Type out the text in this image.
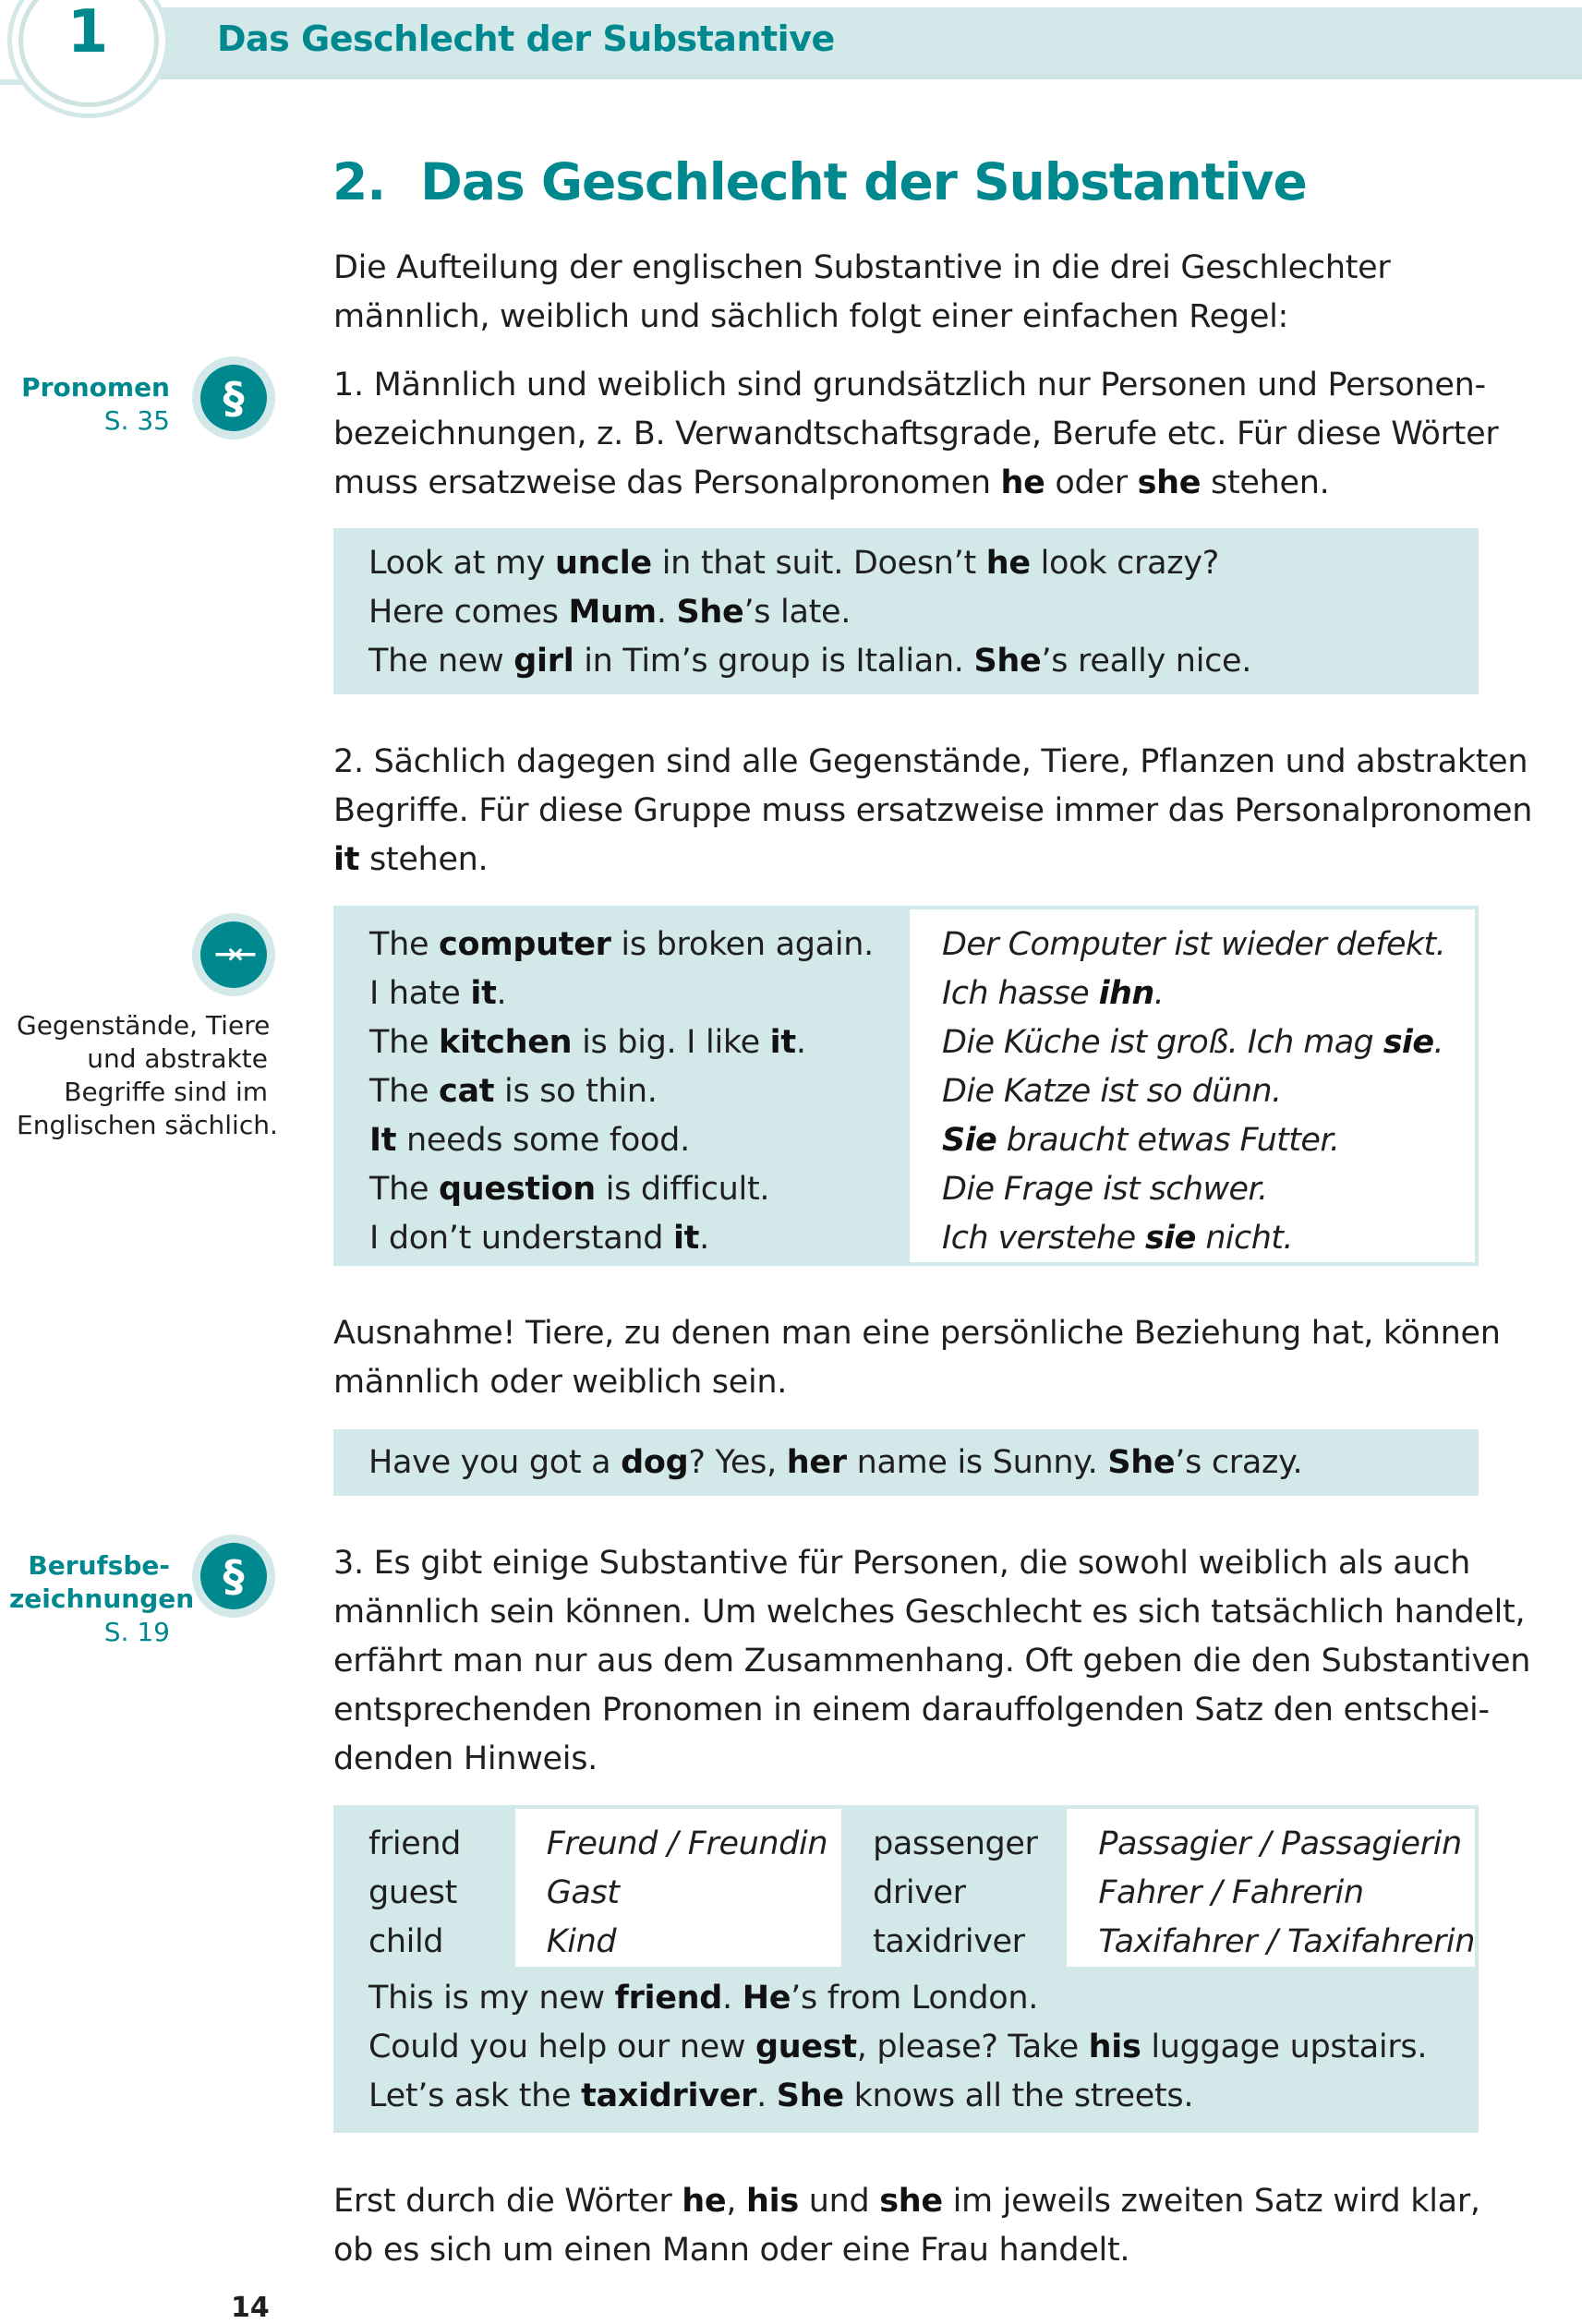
1	Das Geschlecht der Substantive
2. Das Geschlecht der Substantive
Die Aufteilung der englischen Substantive in die drei Geschlechter
männlich, weiblich und sächlich folgt einer einfachen Regel:
1. Männlich und weiblich sind grundsätzlich nur Personen und Personen-
bezeichnungen, z. B. Verwandtschaftsgrade, Berufe etc. Für diese Wörter
muss ersatzweise das Personalpronomen he oder she stehen.
Look at my uncle in that suit. Doesn’t he look crazy?
Here comes Mum. She’s late.
The new girl in Tim’s group is Italian. She’s really nice.
2. Sächlich dagegen sind alle Gegenstände, Tiere, Pflanzen und abstrakten
Begriffe. Für diese Gruppe muss ersatzweise immer das Personalpronomen
it stehen.
The computer is broken again.
I hate it.
The kitchen is big. I like it.
The cat is so thin.
It needs some food.
The question is difficult.
I don’t understand it.
Der Computer ist wieder defekt.
Ich hasse ihn.
Die Küche ist groß. Ich mag sie.
Die Katze ist so dünn.
Sie braucht etwas Futter.
Die Frage ist schwer.
Ich verstehe sie nicht.
Ausnahme! Tiere, zu denen man eine persönliche Beziehung hat, können
männlich oder weiblich sein.
Have you got a dog? Yes, her name is Sunny. She’s crazy.
3. Es gibt einige Substantive für Personen, die sowohl weiblich als auch
männlich sein können. Um welches Geschlecht es sich tatsächlich handelt,
erfährt man nur aus dem Zusammenhang. Oft geben die den Substantiven
entsprechenden Pronomen in einem darauffolgenden Satz den entschei-
denden Hinweis.
friend
guest
child
Freund / Freundin
Gast
Kind
passenger
driver
taxidriver
Passagier / Passagierin
Fahrer / Fahrerin
Taxifahrer / Taxifahrerin
This is my new friend. He’s from London.
Could you help our new guest, please? Take his luggage upstairs.
Let’s ask the taxidriver. She knows all the streets.
Erst durch die Wörter he, his und she im jeweils zweiten Satz wird klar,
ob es sich um einen Mann oder eine Frau handelt.
Pronomen
S. 35	§
→←
Gegenstände, Tiere
und abstrakte
Begriffe sind im
Englischen sächlich.
Berufsbe-
zeichnungen
S. 19
§
14
